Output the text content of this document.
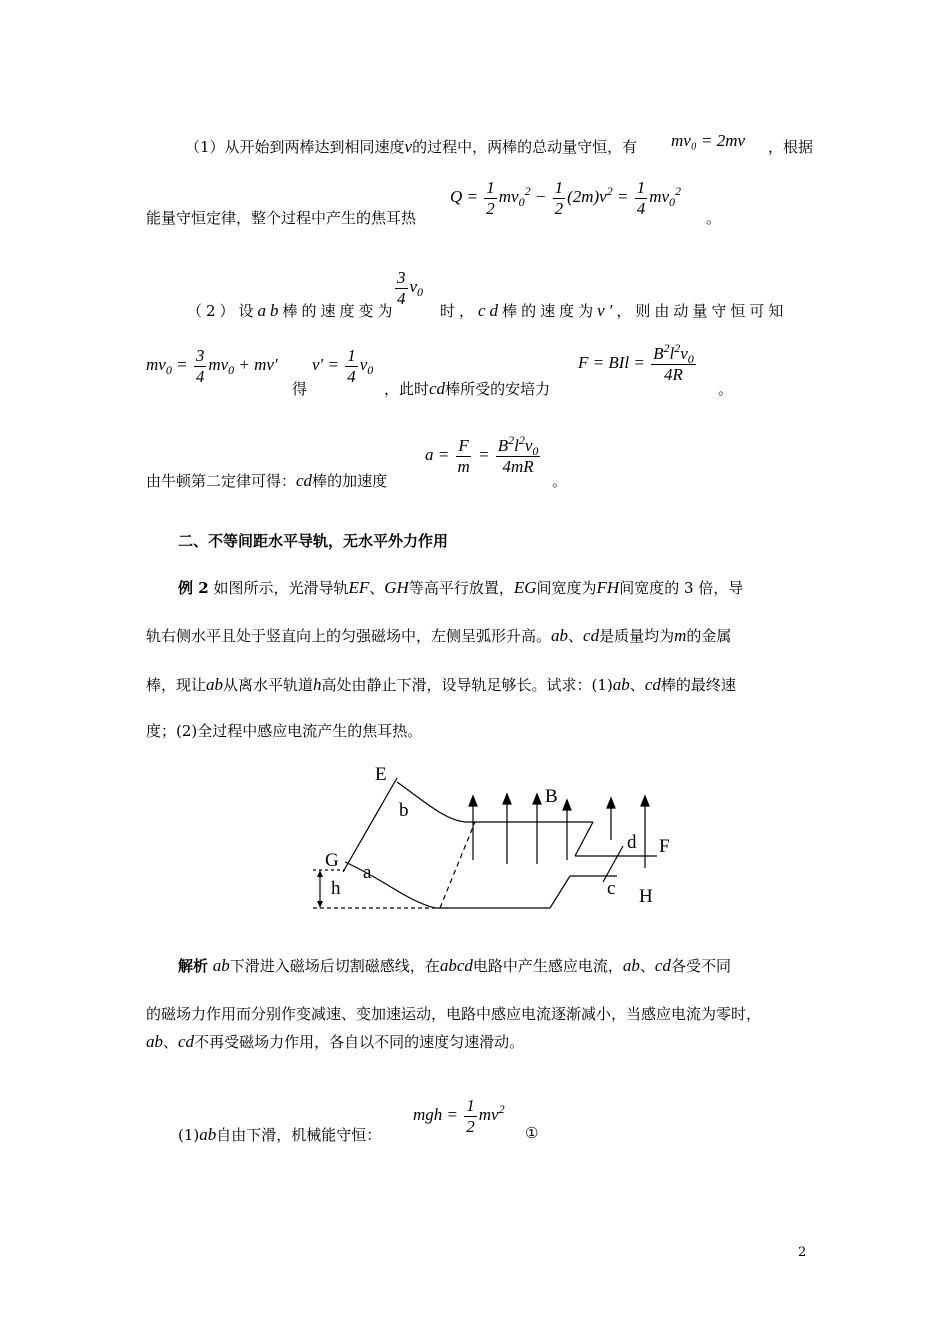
（1）从开始到两棒达到相同速度v的过程中，两棒的总动量守恒，有 mv₀ = 2mv ，根据
能量守恒定律，整个过程中产生的焦耳热
$Q = \frac{1}{2} mv_0^2 - \frac{1}{2} (2m)v^2 = \frac{1}{4} mv_0^2$
。
（2）设ab棒的速度变为
$\frac{3}{4} v_0$
时，cd棒的速度为v′，则由动量守恒可知
$mv_0 = \frac{3}{4} mv_0 + mv'$
得
$v' = \frac{1}{4} v_0$
，此时cd棒所受的安培力
F = BIl = $\frac{B^2l^2v_0}{4R}$
。
由牛顿第二定律可得：cd棒的加速度
$a = \frac{F}{m} = \frac{B^2l^2v_0}{4mR}$
。
二、不等间距水平导轨，无水平外力作用
例 2 如图所示，光滑导轨EF、GH等高平行放置，EG间宽度为FH间宽度的 3 倍，导
轨右侧水平且处于竖直向上的匀强磁场中，左侧呈弧形升高。ab、cd是质量均为m的金属
棒，现让ab从离水平轨道h高处由静止下滑，设导轨足够长。试求：(1)ab、cd棒的最终速
度；(2)全过程中感应电流产生的焦耳热。
E
b
B
G
a
d F
h	c H
解析 ab下滑进入磁场后切割磁感线，在abcd电路中产生感应电流，ab、cd各受不同
的磁场力作用而分别作变减速、变加速运动，电路中感应电流逐渐减小，当感应电流为零时，
ab、cd不再受磁场力作用，各自以不同的速度匀速滑动。
(1)ab自由下滑，机械能守恒：
mgh = $\frac{1}{2} mv^2$
①
2
